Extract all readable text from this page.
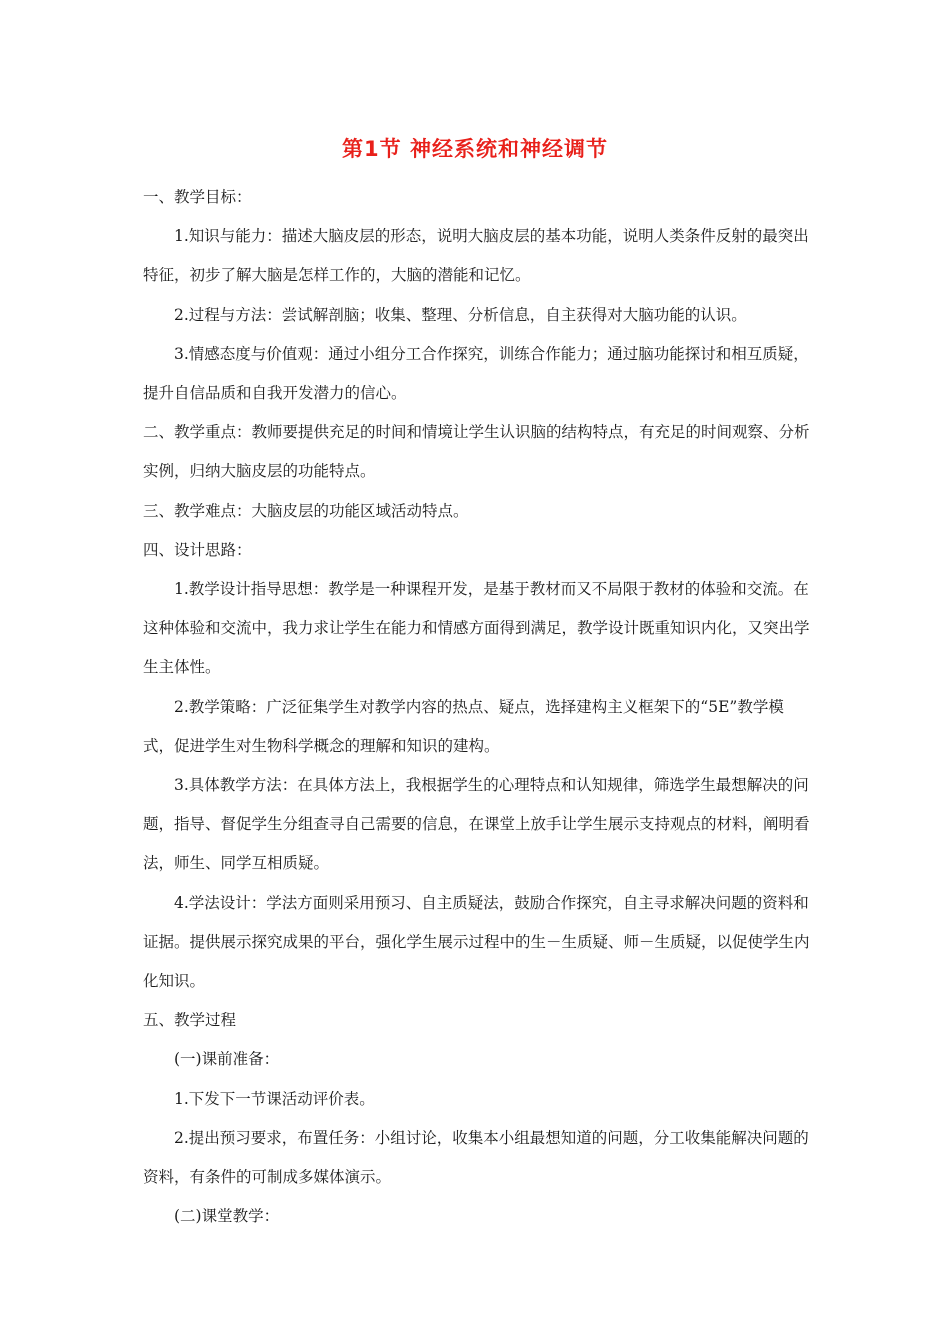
第1节 神经系统和神经调节

一、教学目标：

1.知识与能力：描述大脑皮层的形态，说明大脑皮层的基本功能，说明人类条件反射的最突出特征，初步了解大脑是怎样工作的，大脑的潜能和记忆。

2.过程与方法：尝试解剖脑；收集、整理、分析信息，自主获得对大脑功能的认识。

3.情感态度与价值观：通过小组分工合作探究，训练合作能力；通过脑功能探讨和相互质疑，提升自信品质和自我开发潜力的信心。

二、教学重点：教师要提供充足的时间和情境让学生认识脑的结构特点，有充足的时间观察、分析实例，归纳大脑皮层的功能特点。

三、教学难点：大脑皮层的功能区域活动特点。

四、设计思路：

1.教学设计指导思想：教学是一种课程开发，是基于教材而又不局限于教材的体验和交流。在这种体验和交流中，我力求让学生在能力和情感方面得到满足，教学设计既重知识内化，又突出学生主体性。

2.教学策略：广泛征集学生对教学内容的热点、疑点，选择建构主义框架下的“5E”教学模式，促进学生对生物科学概念的理解和知识的建构。

3.具体教学方法：在具体方法上，我根据学生的心理特点和认知规律，筛选学生最想解决的问题，指导、督促学生分组查寻自己需要的信息，在课堂上放手让学生展示支持观点的材料，阐明看法，师生、同学互相质疑。

4.学法设计：学法方面则采用预习、自主质疑法，鼓励合作探究，自主寻求解决问题的资料和证据。提供展示探究成果的平台，强化学生展示过程中的生－生质疑、师－生质疑，以促使学生内化知识。

五、教学过程

(一)课前准备：

1.下发下一节课活动评价表。

2.提出预习要求，布置任务：小组讨论，收集本小组最想知道的问题，分工收集能解决问题的资料，有条件的可制成多媒体演示。

(二)课堂教学：
